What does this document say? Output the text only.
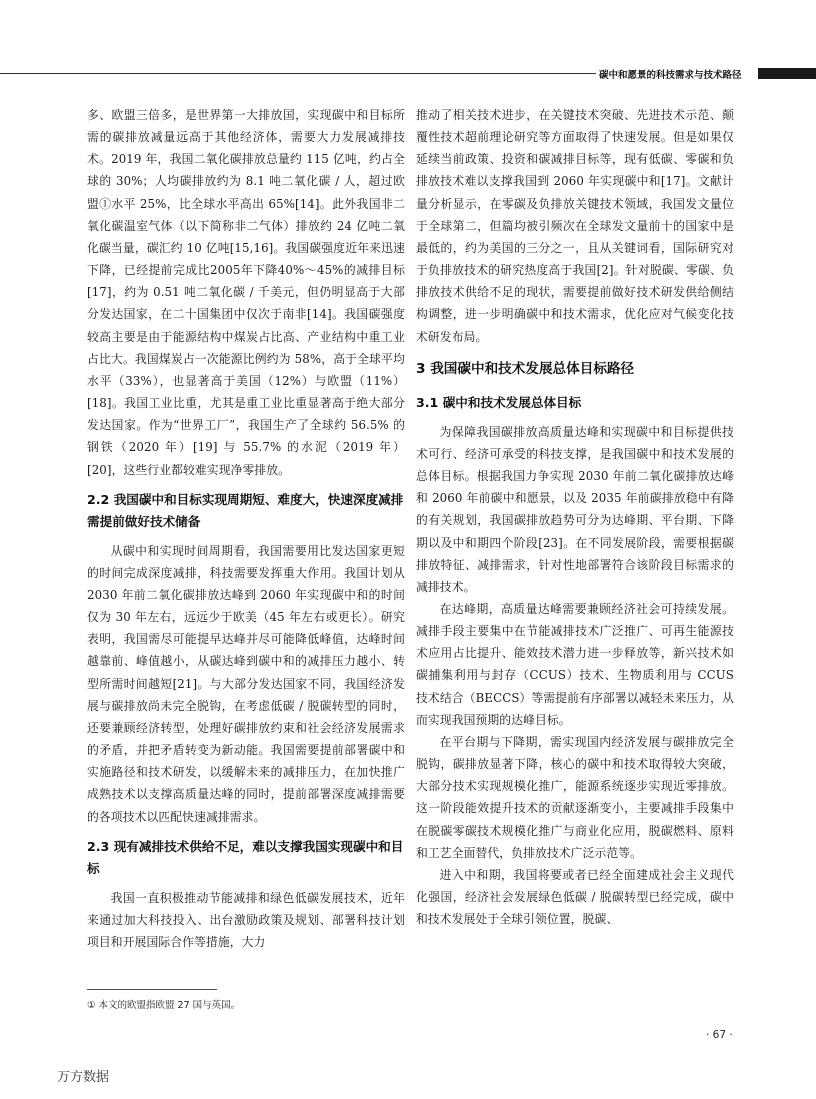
碳中和愿景的科技需求与技术路径

多、欧盟三倍多，是世界第一大排放国，实现碳中和目标所需的碳排放减量远高于其他经济体，需要大力发展减排技术。2019 年，我国二氧化碳排放总量约 115 亿吨，约占全球的 30%；人均碳排放约为 8.1 吨二氧化碳 / 人，超过欧盟①水平 25%，比全球水平高出 65%[14]。此外我国非二氧化碳温室气体（以下简称非二气体）排放约 24 亿吨二氧化碳当量，碳汇约 10 亿吨[15,16]。我国碳强度近年来迅速下降，已经提前完成比2005年下降40%～45%的减排目标[17]，约为 0.51 吨二氧化碳 / 千美元，但仍明显高于大部分发达国家，在二十国集团中仅次于南非[14]。我国碳强度较高主要是由于能源结构中煤炭占比高、产业结构中重工业占比大。我国煤炭占一次能源比例约为 58%，高于全球平均水平（33%），也显著高于美国（12%）与欧盟（11%）[18]。我国工业比重，尤其是重工业比重显著高于绝大部分发达国家。作为“世界工厂”，我国生产了全球约 56.5% 的钢铁（2020 年）[19] 与 55.7% 的水泥（2019 年）[20]，这些行业都较难实现净零排放。

2.2 我国碳中和目标实现周期短、难度大，快速深度减排需提前做好技术储备

从碳中和实现时间周期看，我国需要用比发达国家更短的时间完成深度减排，科技需要发挥重大作用。我国计划从 2030 年前二氧化碳排放达峰到 2060 年实现碳中和的时间仅为 30 年左右，远远少于欧美（45 年左右或更长）。研究表明，我国需尽可能提早达峰并尽可能降低峰值，达峰时间越靠前、峰值越小，从碳达峰到碳中和的减排压力越小、转型所需时间越短[21]。与大部分发达国家不同，我国经济发展与碳排放尚未完全脱钩，在考虑低碳 / 脱碳转型的同时，还要兼顾经济转型，处理好碳排放约束和社会经济发展需求的矛盾，并把矛盾转变为新动能。我国需要提前部署碳中和实施路径和技术研发，以缓解未来的减排压力，在加快推广成熟技术以支撑高质量达峰的同时，提前部署深度减排需要的各项技术以匹配快速减排需求。

2.3 现有减排技术供给不足，难以支撑我国实现碳中和目标

我国一直积极推动节能减排和绿色低碳发展技术，近年来通过加大科技投入、出台激励政策及规划、部署科技计划项目和开展国际合作等措施，大力

推动了相关技术进步，在关键技术突破、先进技术示范、颠覆性技术超前理论研究等方面取得了快速发展。但是如果仅延续当前政策、投资和碳减排目标等，现有低碳、零碳和负排放技术难以支撑我国到 2060 年实现碳中和[17]。文献计量分析显示，在零碳及负排放关键技术领域，我国发文量位于全球第二，但篇均被引频次在全球发文量前十的国家中是最低的，约为美国的三分之一，且从关键词看，国际研究对于负排放技术的研究热度高于我国[2]。针对脱碳、零碳、负排放技术供给不足的现状，需要提前做好技术研发供给侧结构调整，进一步明确碳中和技术需求，优化应对气候变化技术研发布局。

3 我国碳中和技术发展总体目标路径
3.1 碳中和技术发展总体目标

为保障我国碳排放高质量达峰和实现碳中和目标提供技术可行、经济可承受的科技支撑，是我国碳中和技术发展的总体目标。根据我国力争实现 2030 年前二氧化碳排放达峰和 2060 年前碳中和愿景，以及 2035 年前碳排放稳中有降的有关规划，我国碳排放趋势可分为达峰期、平台期、下降期以及中和期四个阶段[23]。在不同发展阶段，需要根据碳排放特征、减排需求，针对性地部署符合该阶段目标需求的减排技术。

在达峰期，高质量达峰需要兼顾经济社会可持续发展。减排手段主要集中在节能减排技术广泛推广、可再生能源技术应用占比提升、能效技术潜力进一步释放等，新兴技术如碳捕集利用与封存（CCUS）技术、生物质利用与 CCUS 技术结合（BECCS）等需提前有序部署以减轻未来压力，从而实现我国预期的达峰目标。

在平台期与下降期，需实现国内经济发展与碳排放完全脱钩，碳排放显著下降，核心的碳中和技术取得较大突破，大部分技术实现规模化推广，能源系统逐步实现近零排放。这一阶段能效提升技术的贡献逐渐变小，主要减排手段集中在脱碳零碳技术规模化推广与商业化应用，脱碳燃料、原料和工艺全面替代，负排放技术广泛示范等。

进入中和期，我国将要或者已经全面建成社会主义现代化强国，经济社会发展绿色低碳 / 脱碳转型已经完成，碳中和技术发展处于全球引领位置，脱碳、

① 本文的欧盟指欧盟 27 国与英国。
· 67 ·
万方数据
